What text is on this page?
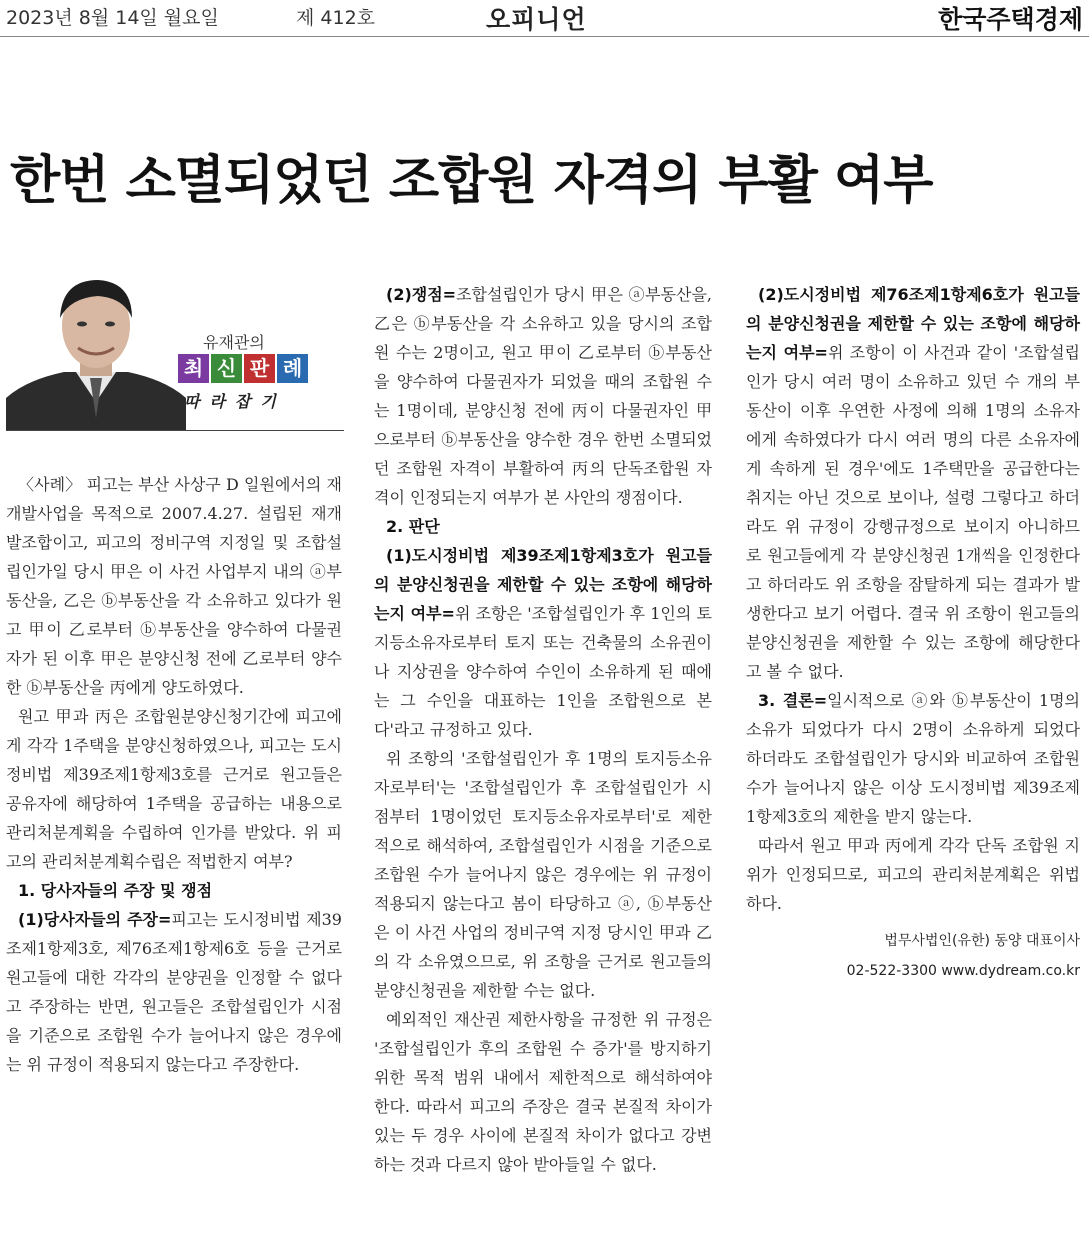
2023년 8월 14일 월요일	제 412호	오피니언	한국주택경제
한번 소멸되었던 조합원 자격의 부활 여부
유재관의
최 신 판 례
따라잡기

〈사례〉 피고는 부산 사상구 D 일원에서의 재개발사업을 목적으로 2007.4.27. 설립된 재개발조합이고, 피고의 정비구역 지정일 및 조합설립인가일 당시 甲은 이 사건 사업부지 내의 ⓐ부동산을, 乙은 ⓑ부동산을 각 소유하고 있다가 원고 甲이 乙로부터 ⓑ부동산을 양수하여 다물권자가 된 이후 甲은 분양신청 전에 乙로부터 양수한 ⓑ부동산을 丙에게 양도하였다.

원고 甲과 丙은 조합원분양신청기간에 피고에게 각각 1주택을 분양신청하였으나, 피고는 도시정비법 제39조제1항제3호를 근거로 원고들은 공유자에 해당하여 1주택을 공급하는 내용으로 관리처분계획을 수립하여 인가를 받았다. 위 피고의 관리처분계획수립은 적법한지 여부?

1. 당사자들의 주장 및 쟁점

(1)당사자들의 주장=피고는 도시정비법 제39조제1항제3호, 제76조제1항제6호 등을 근거로 원고들에 대한 각각의 분양권을 인정할 수 없다고 주장하는 반면, 원고들은 조합설립인가 시점을 기준으로 조합원 수가 늘어나지 않은 경우에는 위 규정이 적용되지 않는다고 주장한다.

(2)쟁점=조합설립인가 당시 甲은 ⓐ부동산을, 乙은 ⓑ부동산을 각 소유하고 있을 당시의 조합원 수는 2명이고, 원고 甲이 乙로부터 ⓑ부동산을 양수하여 다물권자가 되었을 때의 조합원 수는 1명이데, 분양신청 전에 丙이 다물권자인 甲으로부터 ⓑ부동산을 양수한 경우 한번 소멸되었던 조합원 자격이 부활하여 丙의 단독조합원 자격이 인정되는지 여부가 본 사안의 쟁점이다.

2. 판단

(1)도시정비법 제39조제1항제3호가 원고들의 분양신청권을 제한할 수 있는 조항에 해당하는지 여부=위 조항은 '조합설립인가 후 1인의 토지등소유자로부터 토지 또는 건축물의 소유권이나 지상권을 양수하여 수인이 소유하게 된 때에는 그 수인을 대표하는 1인을 조합원으로 본다'라고 규정하고 있다.

위 조항의 '조합설립인가 후 1명의 토지등소유자로부터'는 '조합설립인가 후 조합설립인가 시점부터 1명이었던 토지등소유자로부터'로 제한적으로 해석하여, 조합설립인가 시점을 기준으로 조합원 수가 늘어나지 않은 경우에는 위 규정이 적용되지 않는다고 봄이 타당하고 ⓐ, ⓑ부동산은 이 사건 사업의 정비구역 지정 당시인 甲과 乙의 각 소유였으므로, 위 조항을 근거로 원고들의 분양신청권을 제한할 수는 없다.

예외적인 재산권 제한사항을 규정한 위 규정은 '조합설립인가 후의 조합원 수 증가'를 방지하기 위한 목적 범위 내에서 제한적으로 해석하여야 한다. 따라서 피고의 주장은 결국 본질적 차이가 있는 두 경우 사이에 본질적 차이가 없다고 강변하는 것과 다르지 않아 받아들일 수 없다.

(2)도시정비법 제76조제1항제6호가 원고들의 분양신청권을 제한할 수 있는 조항에 해당하는지 여부=위 조항이 이 사건과 같이 '조합설립인가 당시 여러 명이 소유하고 있던 수 개의 부동산이 이후 우연한 사정에 의해 1명의 소유자에게 속하였다가 다시 여러 명의 다른 소유자에게 속하게 된 경우'에도 1주택만을 공급한다는 취지는 아닌 것으로 보이나, 설령 그렇다고 하더라도 위 규정이 강행규정으로 보이지 아니하므로 원고들에게 각 분양신청권 1개씩을 인정한다고 하더라도 위 조항을 잠탈하게 되는 결과가 발생한다고 보기 어렵다. 결국 위 조항이 원고들의 분양신청권을 제한할 수 있는 조항에 해당한다고 볼 수 없다.

3. 결론=일시적으로 ⓐ와 ⓑ부동산이 1명의 소유가 되었다가 다시 2명이 소유하게 되었다 하더라도 조합설립인가 당시와 비교하여 조합원 수가 늘어나지 않은 이상 도시정비법 제39조제1항제3호의 제한을 받지 않는다.

따라서 원고 甲과 丙에게 각각 단독 조합원 지위가 인정되므로, 피고의 관리처분계획은 위법하다.

법무사법인(유한) 동양 대표이사
02-522-3300 www.dydream.co.kr
